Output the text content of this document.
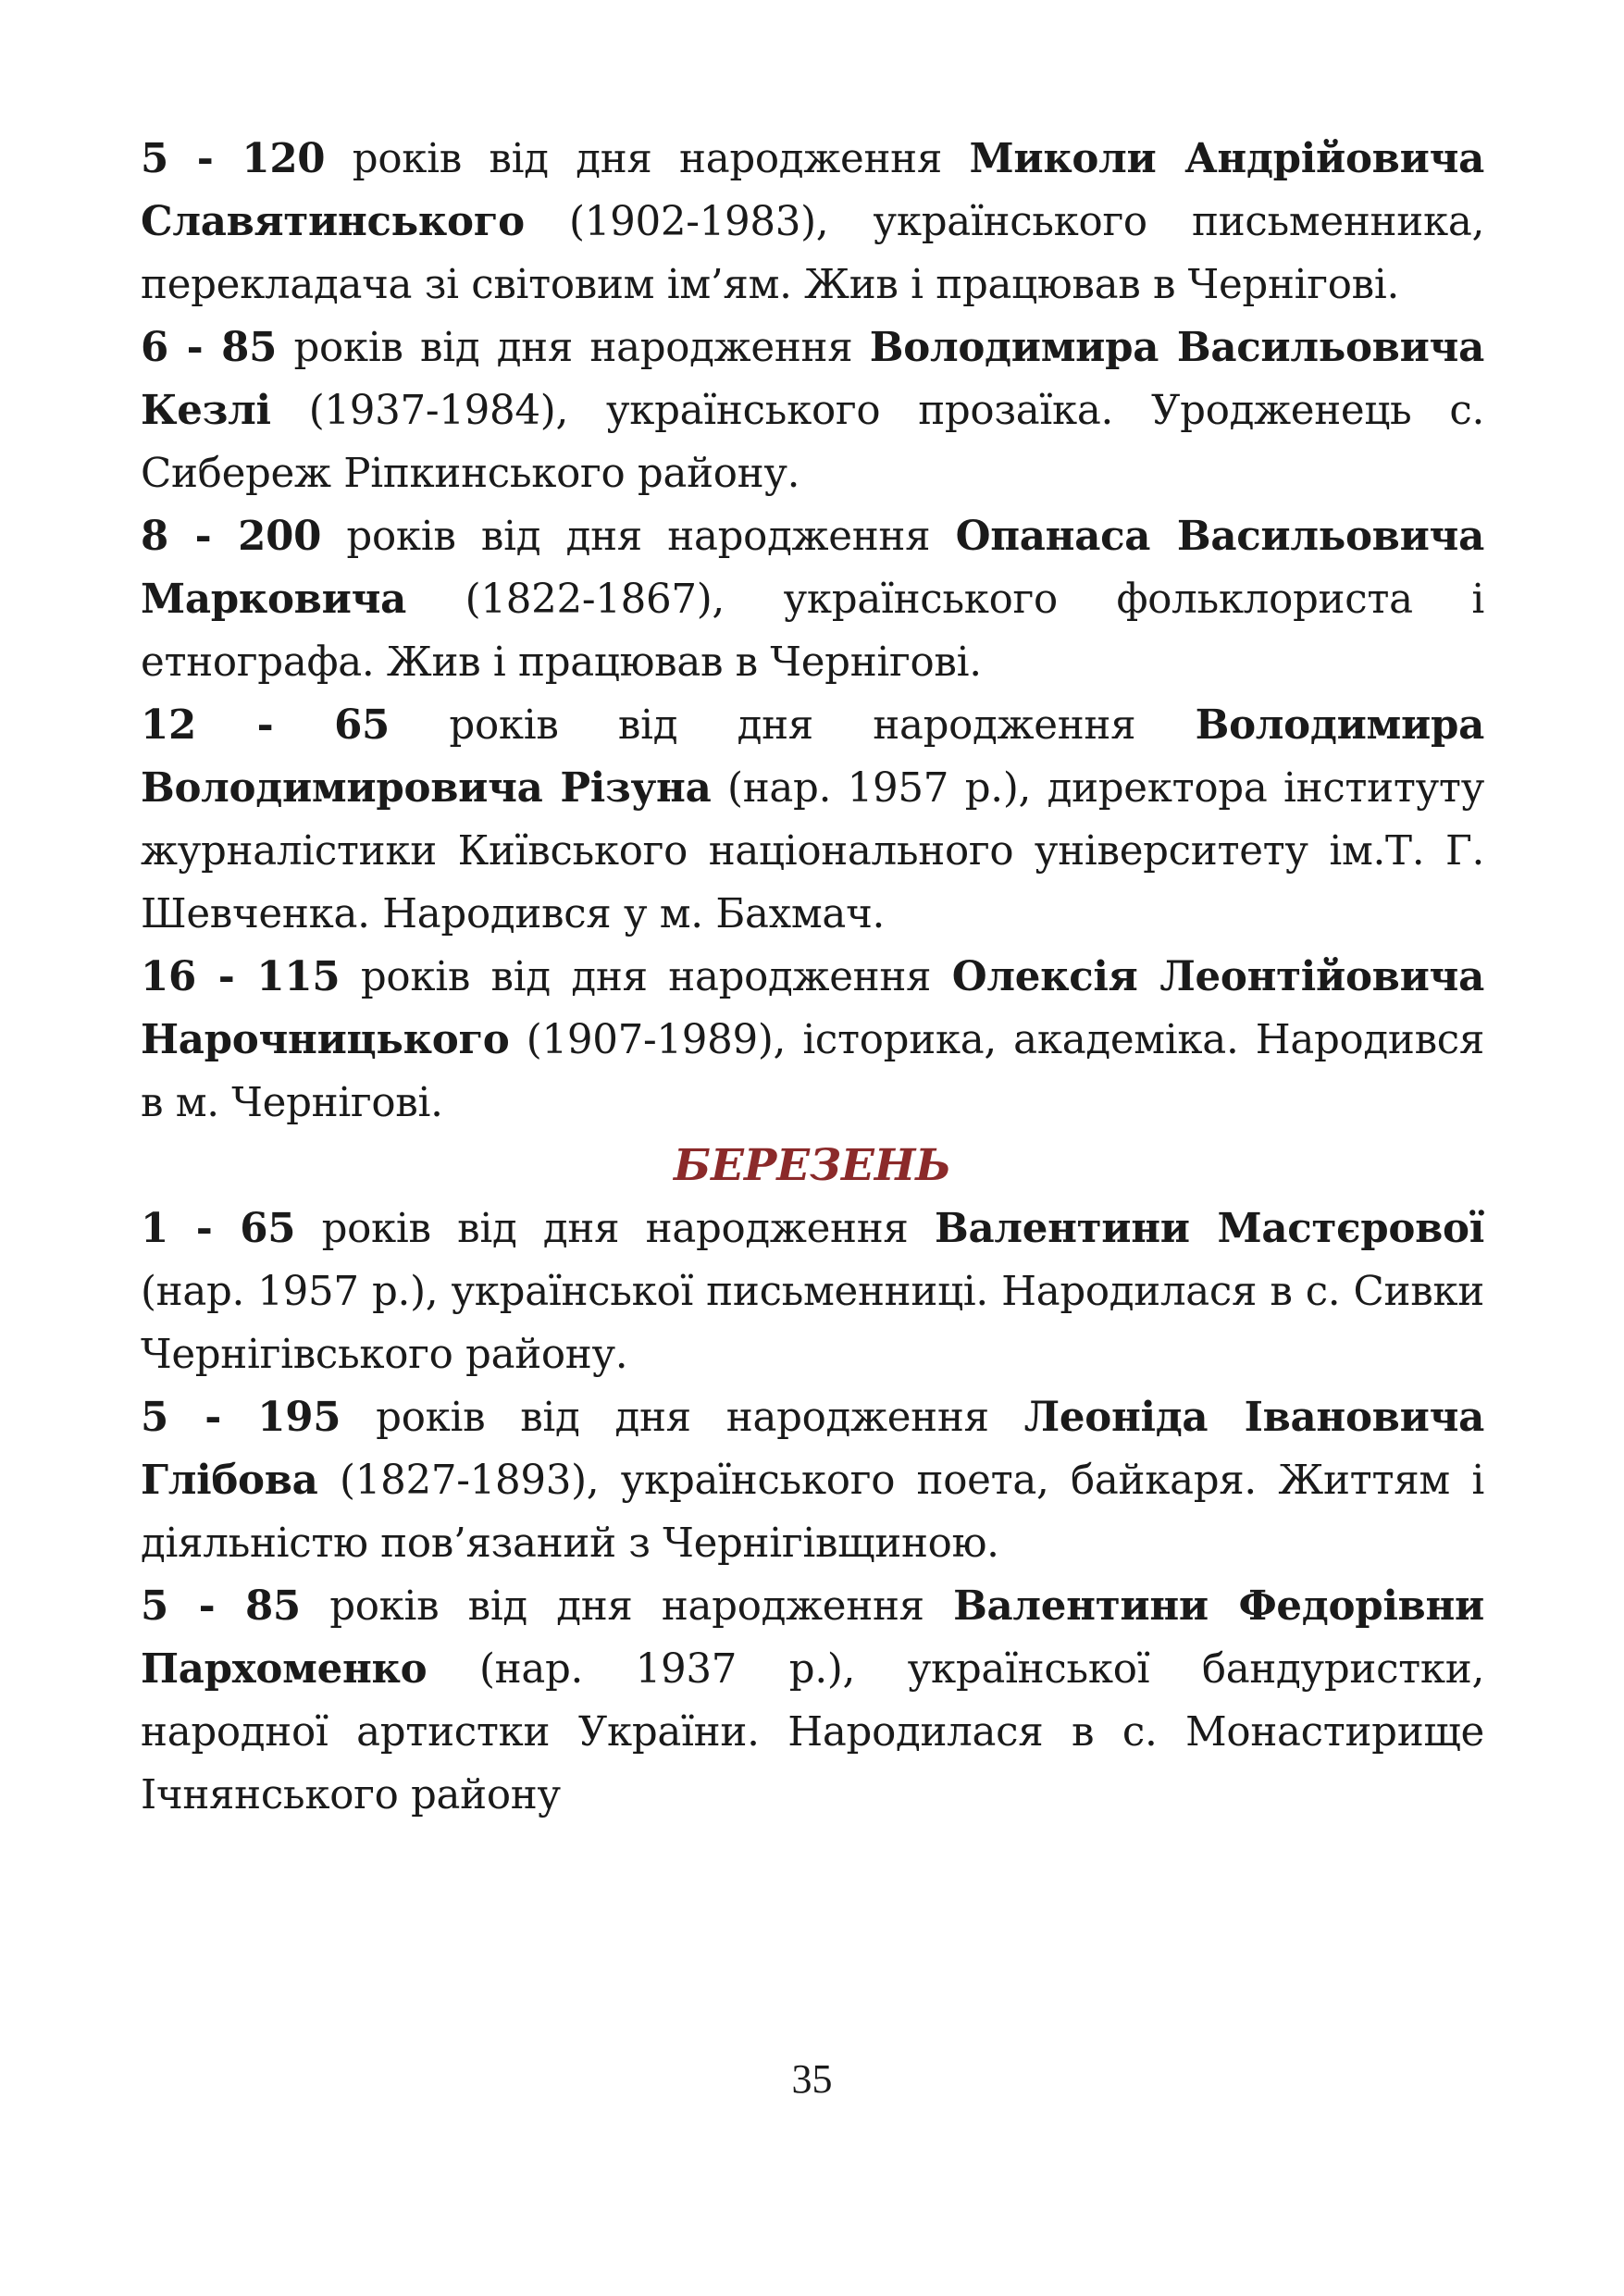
5 - 120 років від дня народження Миколи Андрійовича Славятинського (1902-1983), українського письменника, перекладача зі світовим ім’ям. Жив і працював в Чернігові.

6 - 85 років від дня народження Володимира Васильовича Кезлі (1937-1984), українського прозаїка. Уродженець с. Сибереж Ріпкинського району.

8 - 200 років від дня народження Опанаса Васильовича Марковича (1822-1867), українського фольклориста і етнографа. Жив і працював в Чернігові.

12 - 65 років від дня народження Володимира Володимировича Різуна (нар. 1957 р.), директора інституту журналістики Київського національного університету ім.Т. Г. Шевченка. Народився у м. Бахмач.

16 - 115 років від дня народження Олексія Леонтійовича Нарочницького (1907-1989), історика, академіка. Народився в м. Чернігові.

БЕРЕЗЕНЬ

1 - 65 років від дня народження Валентини Мастєрової (нар. 1957 р.), української письменниці. Народилася в с. Сивки Чернігівського району.

5 - 195 років від дня народження Леоніда Івановича Глібова (1827-1893), українського поета, байкаря. Життям і діяльністю пов’язаний з Чернігівщиною.

5 - 85 років від дня народження Валентини Федорівни Пархоменко (нар. 1937 р.), української бандуристки, народної артистки України. Народилася в с. Монастирище Ічнянського району

35
